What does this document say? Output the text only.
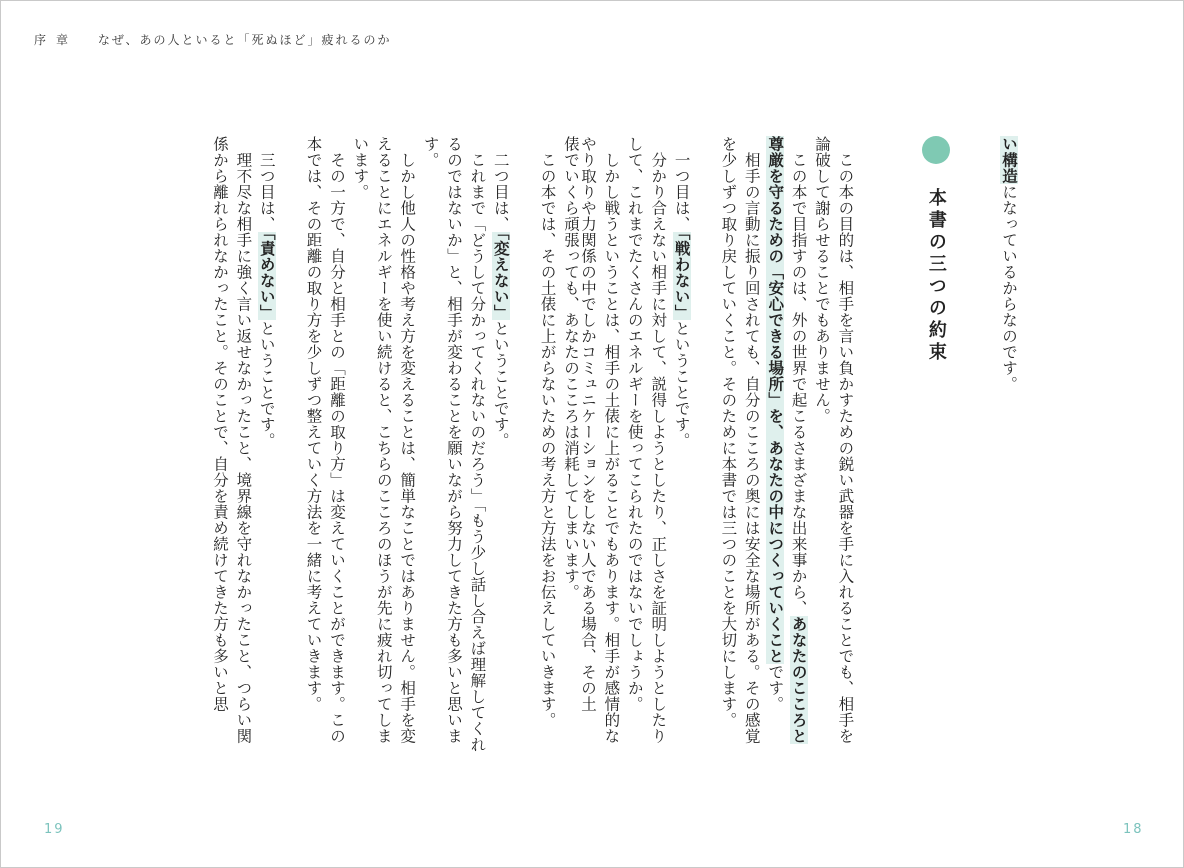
序章 なぜ、あの人といると「死ぬほど」疲れるのか

い構造になっているからなのです。

本書の三つの約束

この本の目的は、相手を言い負かすための鋭い武器を手に入れることでも、相手を論破して謝らせることでもありません。

この本で目指すのは、外の世界で起こるさまざまな出来事から、あなたのこころと尊厳を守るための「安心できる場所」を、あなたの中につくっていくことです。

相手の言動に振り回されても、自分のこころの奥には安全な場所がある。その感覚を少しずつ取り戻していくこと。そのために本書では三つのことを大切にします。

一つ目は、「戦わない」ということです。

分かり合えない相手に対して、説得しようとしたり、正しさを証明しようとしたりして、これまでたくさんのエネルギーを使ってこられたのではないでしょうか。

しかし戦うということは、相手の土俵に上がることでもあります。相手が感情的なやり取りや力関係の中でしかコミュニケーションをしない人である場合、その土

俵でいくら頑張っても、あなたのこころは消耗してしまいます。

この本では、その土俵に上がらないための考え方と方法をお伝えしていきます。

二つ目は、「変えない」ということです。

これまで「どうして分かってくれないのだろう」「もう少し話し合えば理解してくれるのではないか」と、相手が変わることを願いながら努力してきた方も多いと思います。

しかし他人の性格や考え方を変えることは、簡単なことではありません。相手を変えることにエネルギーを使い続けると、こちらのこころのほうが先に疲れ切ってしまいます。

その一方で、自分と相手との「距離の取り方」は変えていくことができます。この本では、その距離の取り方を少しずつ整えていく方法を一緒に考えていきます。

三つ目は、「責めない」ということです。

理不尽な相手に強く言い返せなかったこと、境界線を守れなかったこと、つらい関係から離れられなかったこと。そのことで、自分を責め続けてきた方も多いと思

19	18
